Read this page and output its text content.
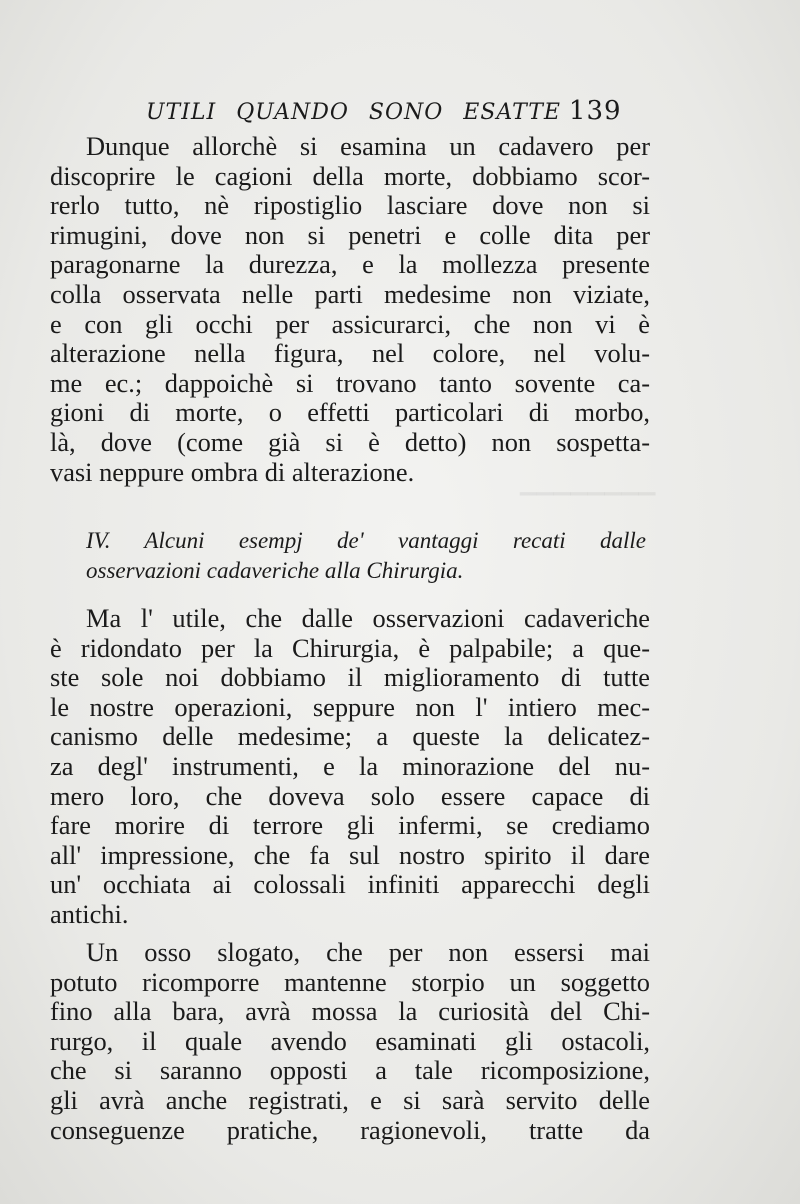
▁▁▁▁▁▁▁▁
UTILI QUANDO SONO ESATTE 139
Dunque allorchè si esamina un cadavero per
discoprire le cagioni della morte, dobbiamo scor-
rerlo tutto, nè ripostiglio lasciare dove non si
rimugini, dove non si penetri e colle dita per
paragonarne la durezza, e la mollezza presente
colla osservata nelle parti medesime non viziate,
e con gli occhi per assicurarci, che non vi è
alterazione nella figura, nel colore, nel volu-
me ec.; dappoichè si trovano tanto sovente ca-
gioni di morte, o effetti particolari di morbo,
là, dove (come già si è detto) non sospetta-
vasi neppure ombra di alterazione.
IV. Alcuni esempj de' vantaggi recati dalle
osservazioni cadaveriche alla Chirurgia.
Ma l' utile, che dalle osservazioni cadaveriche
è ridondato per la Chirurgia, è palpabile; a que-
ste sole noi dobbiamo il miglioramento di tutte
le nostre operazioni, seppure non l' intiero mec-
canismo delle medesime; a queste la delicatez-
za degl' instrumenti, e la minorazione del nu-
mero loro, che doveva solo essere capace di
fare morire di terrore gli infermi, se crediamo
all' impressione, che fa sul nostro spirito il dare
un' occhiata ai colossali infiniti apparecchi degli
antichi.
Un osso slogato, che per non essersi mai
potuto ricomporre mantenne storpio un soggetto
fino alla bara, avrà mossa la curiosità del Chi-
rurgo, il quale avendo esaminati gli ostacoli,
che si saranno opposti a tale ricomposizione,
gli avrà anche registrati, e si sarà servito delle
conseguenze pratiche, ragionevoli, tratte da
